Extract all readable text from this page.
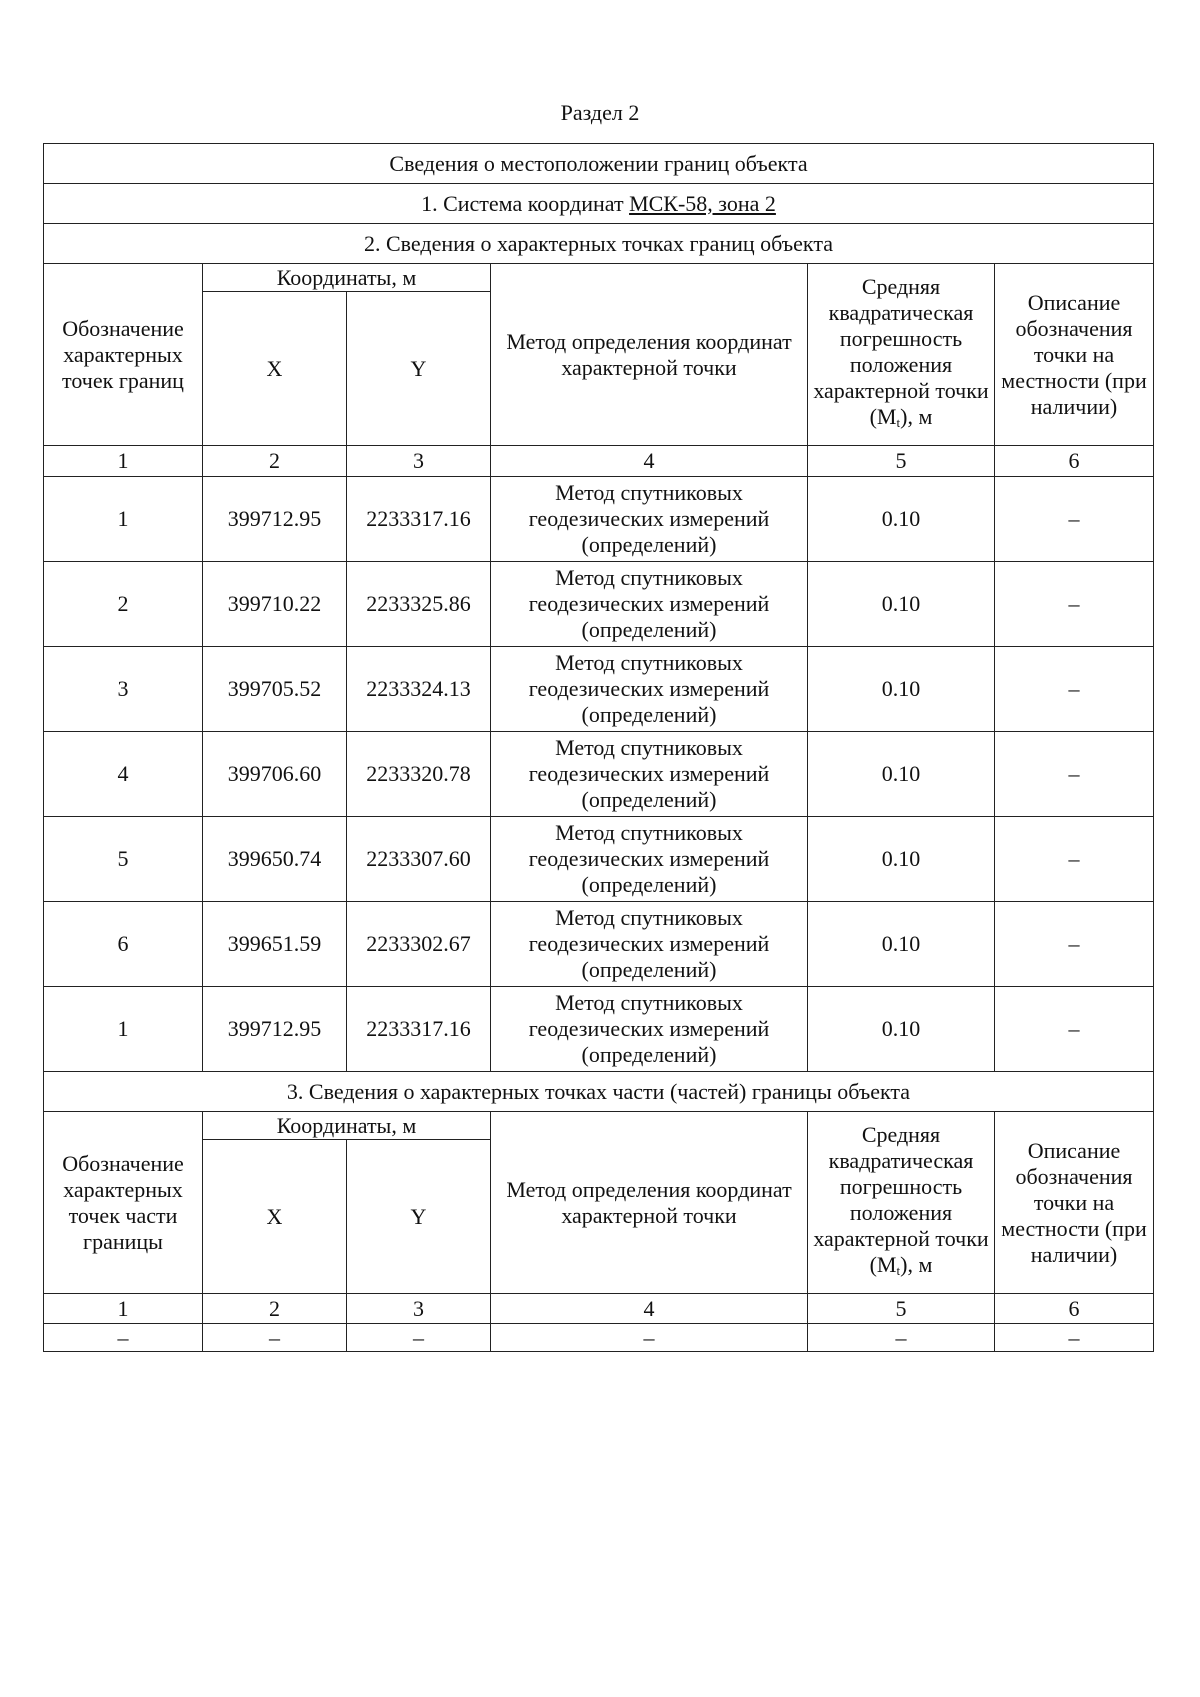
Раздел 2
Сведения о местоположении границ объекта					
1. Система координат МСК-58, зона 2					
2. Сведения о характерных точках границ объекта					
Обозначение характерных точек границ	Координаты, м		Метод определения координат характерной точки	Средняя квадратическая погрешность положения характерной точки $(M_t)$, м	Описание обозначения точки на местности (при наличии)
	X	Y			
1	2	3	4	5	6
1	399712.95	2233317.16	Метод спутниковых геодезических измерений (определений)	0.10	–
2	399710.22	2233325.86	Метод спутниковых геодезических измерений (определений)	0.10	–
3	399705.52	2233324.13	Метод спутниковых геодезических измерений (определений)	0.10	–
4	399706.60	2233320.78	Метод спутниковых геодезических измерений (определений)	0.10	–
5	399650.74	2233307.60	Метод спутниковых геодезических измерений (определений)	0.10	–
6	399651.59	2233302.67	Метод спутниковых геодезических измерений (определений)	0.10	–
1	399712.95	2233317.16	Метод спутниковых геодезических измерений (определений)	0.10	–
3. Сведения о характерных точках части (частей) границы объекта					
Обозначение характерных точек части границы	Координаты, м		Метод определения координат характерной точки	Средняя квадратическая погрешность положения характерной точки $(M_t)$, м	Описание обозначения точки на местности (при наличии)
	X	Y			
1	2	3	4	5	6
–	–	–	–	–	–
